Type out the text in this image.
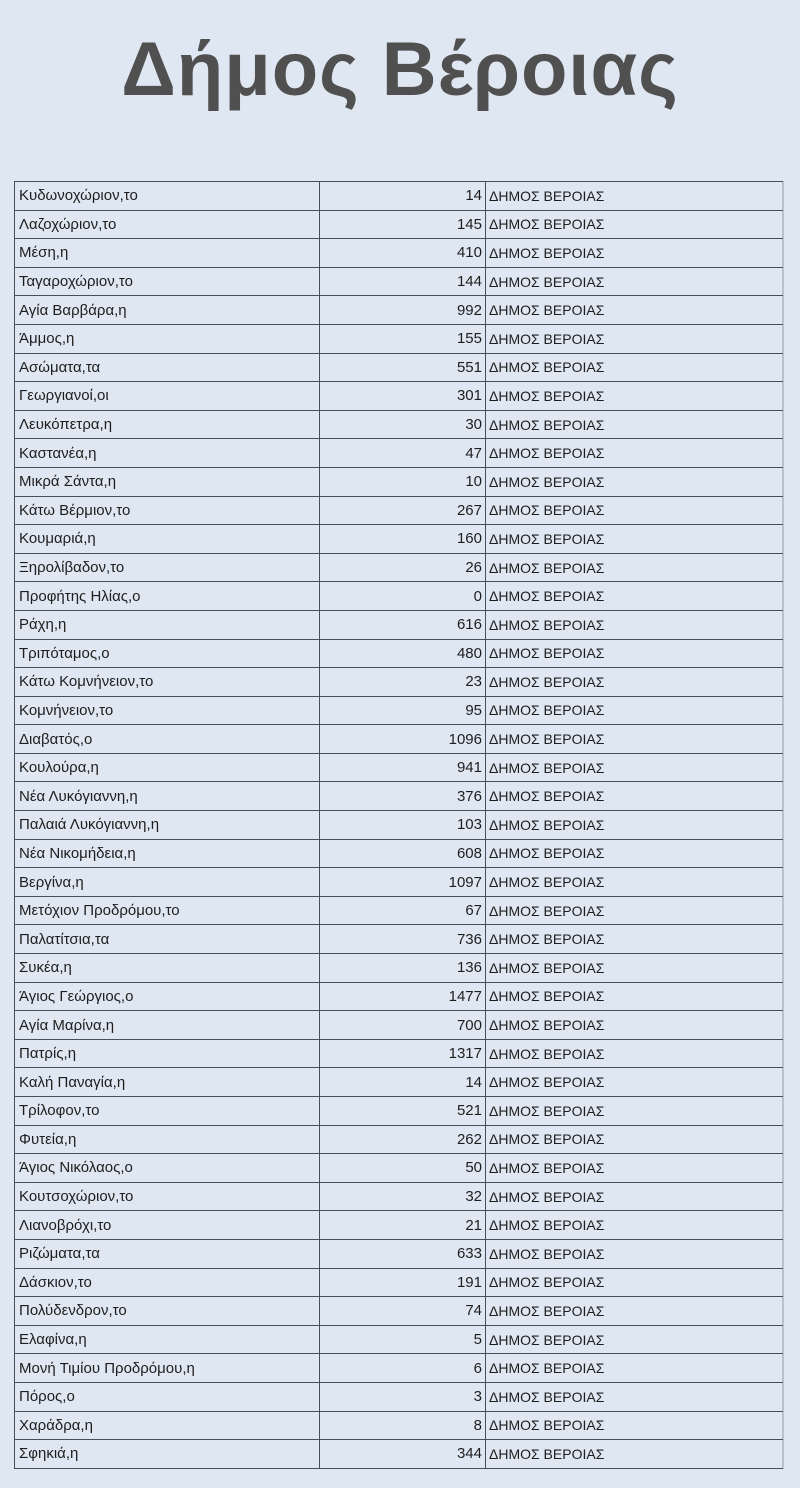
Δήμος Βέροιας
Κυδωνοχώριον,το	14	ΔΗΜΟΣ ΒΕΡΟΙΑΣ
Λαζοχώριον,το	145	ΔΗΜΟΣ ΒΕΡΟΙΑΣ
Μέση,η	410	ΔΗΜΟΣ ΒΕΡΟΙΑΣ
Ταγαροχώριον,το	144	ΔΗΜΟΣ ΒΕΡΟΙΑΣ
Αγία Βαρβάρα,η	992	ΔΗΜΟΣ ΒΕΡΟΙΑΣ
Άμμος,η	155	ΔΗΜΟΣ ΒΕΡΟΙΑΣ
Ασώματα,τα	551	ΔΗΜΟΣ ΒΕΡΟΙΑΣ
Γεωργιανοί,οι	301	ΔΗΜΟΣ ΒΕΡΟΙΑΣ
Λευκόπετρα,η	30	ΔΗΜΟΣ ΒΕΡΟΙΑΣ
Καστανέα,η	47	ΔΗΜΟΣ ΒΕΡΟΙΑΣ
Μικρά Σάντα,η	10	ΔΗΜΟΣ ΒΕΡΟΙΑΣ
Κάτω Βέρμιον,το	267	ΔΗΜΟΣ ΒΕΡΟΙΑΣ
Κουμαριά,η	160	ΔΗΜΟΣ ΒΕΡΟΙΑΣ
Ξηρολίβαδον,το	26	ΔΗΜΟΣ ΒΕΡΟΙΑΣ
Προφήτης Ηλίας,ο	0	ΔΗΜΟΣ ΒΕΡΟΙΑΣ
Ράχη,η	616	ΔΗΜΟΣ ΒΕΡΟΙΑΣ
Τριπόταμος,ο	480	ΔΗΜΟΣ ΒΕΡΟΙΑΣ
Κάτω Κομνήνειον,το	23	ΔΗΜΟΣ ΒΕΡΟΙΑΣ
Κομνήνειον,το	95	ΔΗΜΟΣ ΒΕΡΟΙΑΣ
Διαβατός,ο	1096	ΔΗΜΟΣ ΒΕΡΟΙΑΣ
Κουλούρα,η	941	ΔΗΜΟΣ ΒΕΡΟΙΑΣ
Νέα Λυκόγιαννη,η	376	ΔΗΜΟΣ ΒΕΡΟΙΑΣ
Παλαιά Λυκόγιαννη,η	103	ΔΗΜΟΣ ΒΕΡΟΙΑΣ
Νέα Νικομήδεια,η	608	ΔΗΜΟΣ ΒΕΡΟΙΑΣ
Βεργίνα,η	1097	ΔΗΜΟΣ ΒΕΡΟΙΑΣ
Μετόχιον Προδρόμου,το	67	ΔΗΜΟΣ ΒΕΡΟΙΑΣ
Παλατίτσια,τα	736	ΔΗΜΟΣ ΒΕΡΟΙΑΣ
Συκέα,η	136	ΔΗΜΟΣ ΒΕΡΟΙΑΣ
Άγιος Γεώργιος,ο	1477	ΔΗΜΟΣ ΒΕΡΟΙΑΣ
Αγία Μαρίνα,η	700	ΔΗΜΟΣ ΒΕΡΟΙΑΣ
Πατρίς,η	1317	ΔΗΜΟΣ ΒΕΡΟΙΑΣ
Καλή Παναγία,η	14	ΔΗΜΟΣ ΒΕΡΟΙΑΣ
Τρίλοφον,το	521	ΔΗΜΟΣ ΒΕΡΟΙΑΣ
Φυτεία,η	262	ΔΗΜΟΣ ΒΕΡΟΙΑΣ
Άγιος Νικόλαος,ο	50	ΔΗΜΟΣ ΒΕΡΟΙΑΣ
Κουτσοχώριον,το	32	ΔΗΜΟΣ ΒΕΡΟΙΑΣ
Λιανοβρόχι,το	21	ΔΗΜΟΣ ΒΕΡΟΙΑΣ
Ριζώματα,τα	633	ΔΗΜΟΣ ΒΕΡΟΙΑΣ
Δάσκιον,το	191	ΔΗΜΟΣ ΒΕΡΟΙΑΣ
Πολύδενδρον,το	74	ΔΗΜΟΣ ΒΕΡΟΙΑΣ
Ελαφίνα,η	5	ΔΗΜΟΣ ΒΕΡΟΙΑΣ
Μονή Τιμίου Προδρόμου,η	6	ΔΗΜΟΣ ΒΕΡΟΙΑΣ
Πόρος,ο	3	ΔΗΜΟΣ ΒΕΡΟΙΑΣ
Χαράδρα,η	8	ΔΗΜΟΣ ΒΕΡΟΙΑΣ
Σφηκιά,η	344	ΔΗΜΟΣ ΒΕΡΟΙΑΣ
